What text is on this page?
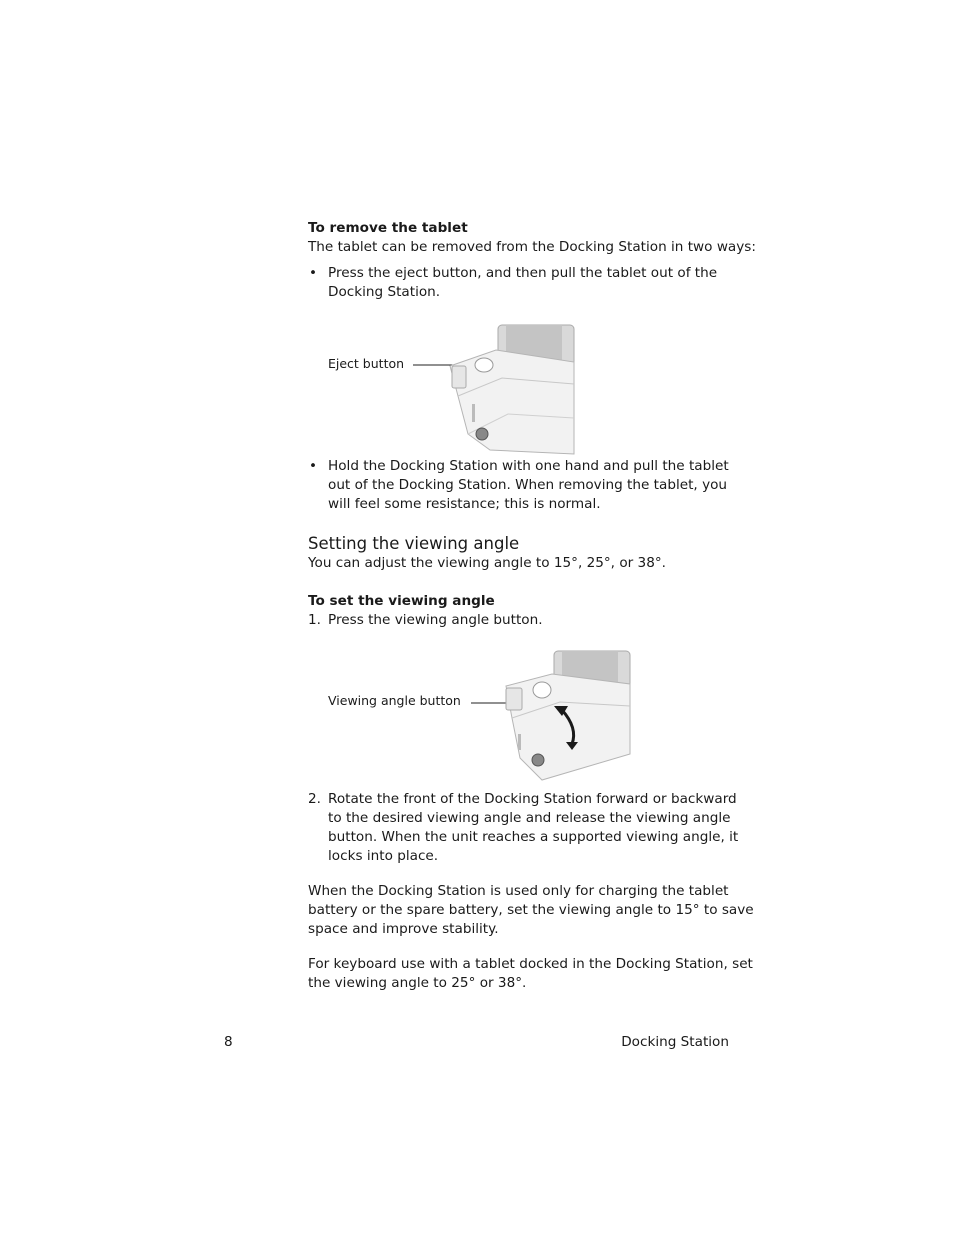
To remove the tablet
The tablet can be removed from the Docking Station in two ways:
• Press the eject button, and then pull the tablet out of the
Docking Station.
Eject button
• Hold the Docking Station with one hand and pull the tablet
out of the Docking Station. When removing the tablet, you
will feel some resistance; this is normal.
Setting the viewing angle
You can adjust the viewing angle to 15°, 25°, or 38°.
To set the viewing angle
1. Press the viewing angle button.
Viewing angle button
2. Rotate the front of the Docking Station forward or backward
to the desired viewing angle and release the viewing angle
button. When the unit reaches a supported viewing angle, it
locks into place.
When the Docking Station is used only for charging the tablet
battery or the spare battery, set the viewing angle to 15° to save
space and improve stability.
For keyboard use with a tablet docked in the Docking Station, set
the viewing angle to 25° or 38°.
8	Docking Station
